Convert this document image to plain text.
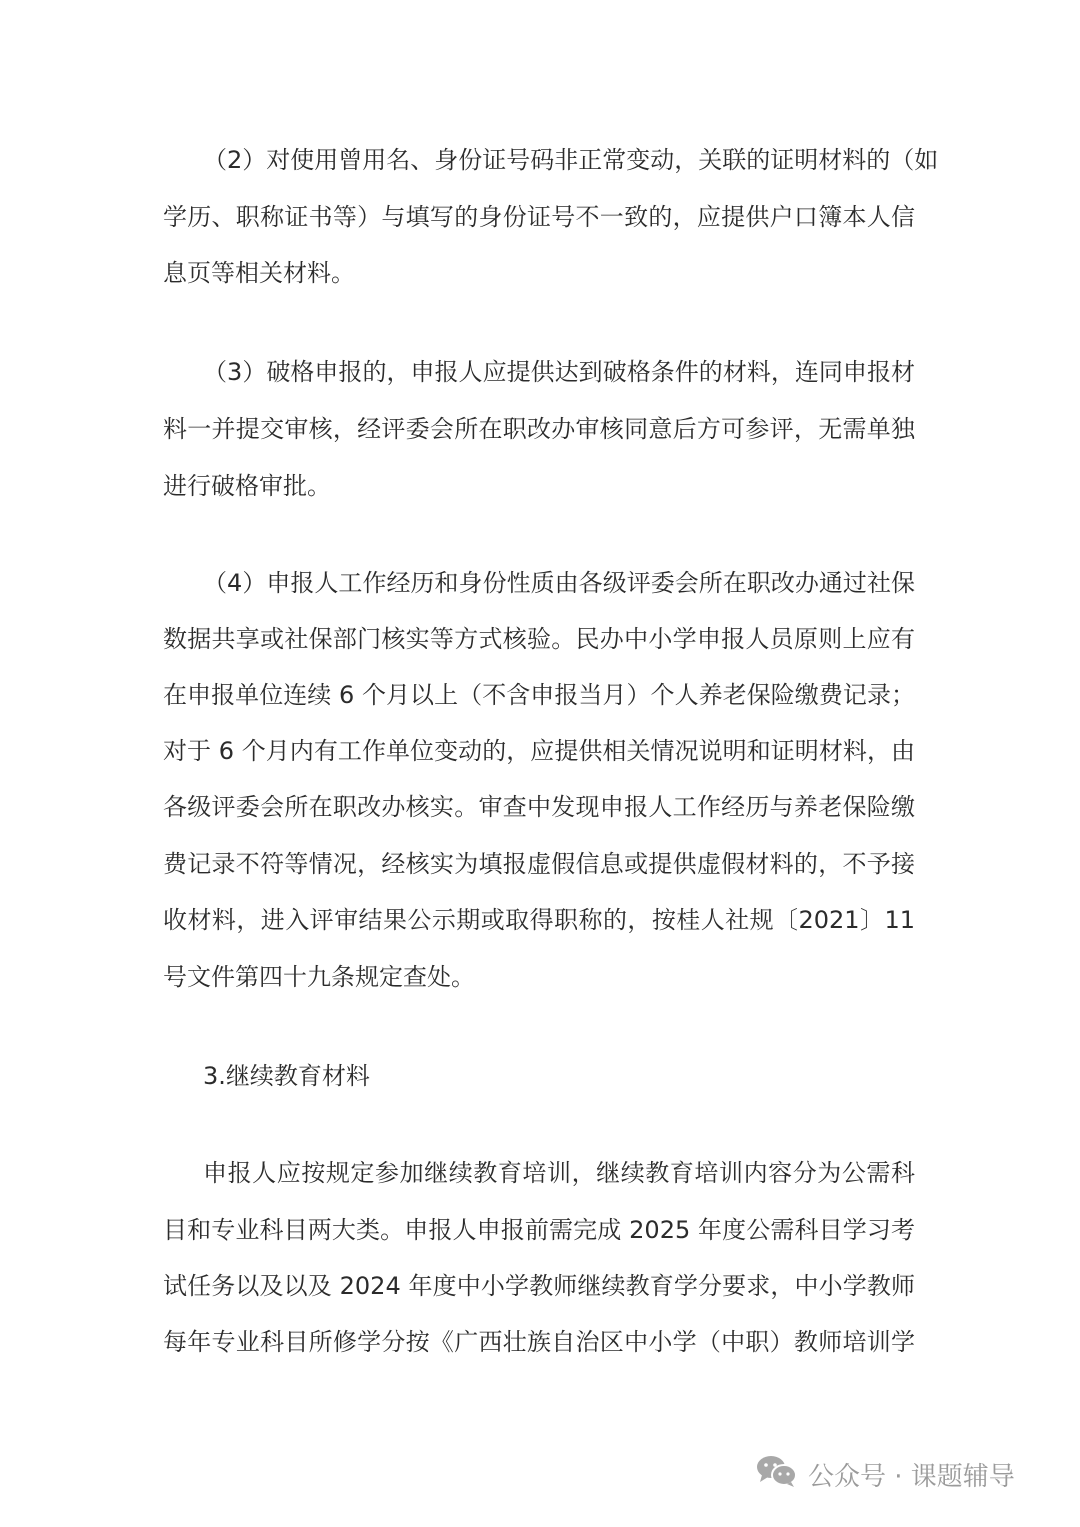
（2）对使用曾用名、身份证号码非正常变动，关联的证明材料的（如
学历、职称证书等）与填写的身份证号不一致的，应提供户口簿本人信
息页等相关材料。
（3）破格申报的，申报人应提供达到破格条件的材料，连同申报材
料一并提交审核，经评委会所在职改办审核同意后方可参评，无需单独
进行破格审批。
（4）申报人工作经历和身份性质由各级评委会所在职改办通过社保
数据共享或社保部门核实等方式核验。民办中小学申报人员原则上应有
在申报单位连续 6 个月以上（不含申报当月）个人养老保险缴费记录；
对于 6 个月内有工作单位变动的，应提供相关情况说明和证明材料，由
各级评委会所在职改办核实。审查中发现申报人工作经历与养老保险缴
费记录不符等情况，经核实为填报虚假信息或提供虚假材料的，不予接
收材料，进入评审结果公示期或取得职称的，按桂人社规〔2021〕11
号文件第四十九条规定查处。
3.继续教育材料
申报人应按规定参加继续教育培训，继续教育培训内容分为公需科
目和专业科目两大类。申报人申报前需完成 2025 年度公需科目学习考
试任务以及以及 2024 年度中小学教师继续教育学分要求，中小学教师
每年专业科目所修学分按《广西壮族自治区中小学（中职）教师培训学
公众号 · 课题辅导
